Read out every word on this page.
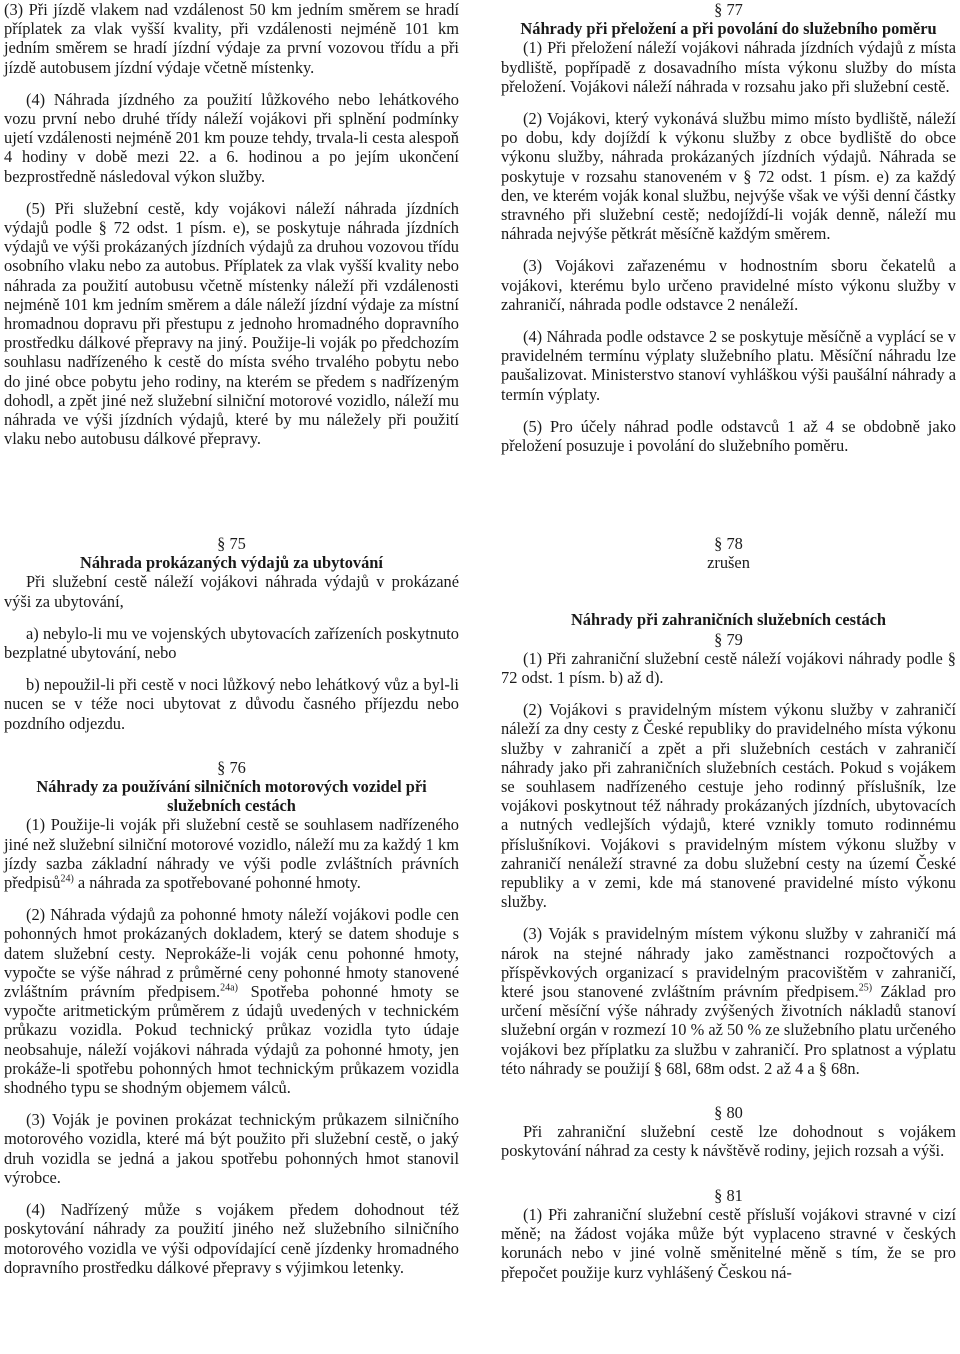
(3) Při jízdě vlakem nad vzdálenost 50 km jedním směrem se hradí příplatek za vlak vyšší kvality, při vzdálenosti nejméně 101 km jedním směrem se hradí jízdní výdaje za první vozovou třídu a při jízdě autobusem jízdní výdaje včetně místenky.

(4) Náhrada jízdného za použití lůžkového nebo lehátkového vozu první nebo druhé třídy náleží vojákovi při splnění podmínky ujetí vzdálenosti nejméně 201 km pouze tehdy, trvala-li cesta alespoň 4 hodiny v době mezi 22. a 6. hodinou a po jejím ukončení bezprostředně následoval výkon služby.

(5) Při služební cestě, kdy vojákovi náleží náhrada jízdních výdajů podle § 72 odst. 1 písm. e), se poskytuje náhrada jízdních výdajů ve výši prokázaných jízdních výdajů za druhou vozovou třídu osobního vlaku nebo za autobus. Příplatek za vlak vyšší kvality nebo náhrada za použití autobusu včetně místenky náleží při vzdálenosti nejméně 101 km jedním směrem a dále náleží jízdní výdaje za místní hromadnou dopravu při přestupu z jednoho hromadného dopravního prostředku dálkové přepravy na jiný. Použije-li voják po předchozím souhlasu nadřízeného k cestě do místa svého trvalého pobytu nebo do jiné obce pobytu jeho rodiny, na kterém se předem s nadřízeným dohodl, a zpět jiné než služební silniční motorové vozidlo, náleží mu náhrada ve výši jízdních výdajů, které by mu náležely při použití vlaku nebo autobusu dálkové přepravy.

§ 75

Náhrada prokázaných výdajů za ubytování

Při služební cestě náleží vojákovi náhrada výdajů v prokázané výši za ubytování,

a) nebylo-li mu ve vojenských ubytovacích zařízeních poskytnuto bezplatné ubytování, nebo

b) nepoužil-li při cestě v noci lůžkový nebo lehátkový vůz a byl-li nucen se v téže noci ubytovat z důvodu časného příjezdu nebo pozdního odjezdu.

§ 76

Náhrady za používání silničních motorových vozidel při služebních cestách

(1) Použije-li voják při služební cestě se souhlasem nadřízeného jiné než služební silniční motorové vozidlo, náleží mu za každý 1 km jízdy sazba základní náhrady ve výši podle zvláštních právních předpisů$^{24)}$ a náhrada za spotřebované pohonné hmoty.

(2) Náhrada výdajů za pohonné hmoty náleží vojákovi podle cen pohonných hmot prokázaných dokladem, který se datem shoduje s datem služební cesty. Neprokáže-li voják cenu pohonné hmoty, vypočte se výše náhrad z průměrné ceny pohonné hmoty stanovené zvláštním právním předpisem.$^{24a)}$ Spotřeba pohonné hmoty se vypočte aritmetickým průměrem z údajů uvedených v technickém průkazu vozidla. Pokud technický průkaz vozidla tyto údaje neobsahuje, náleží vojákovi náhrada výdajů za pohonné hmoty, jen prokáže-li spotřebu pohonných hmot technickým průkazem vozidla shodného typu se shodným objemem válců.

(3) Voják je povinen prokázat technickým průkazem silničního motorového vozidla, které má být použito při služební cestě, o jaký druh vozidla se jedná a jakou spotřebu pohonných hmot stanovil výrobce.

(4) Nadřízený může s vojákem předem dohodnout též poskytování náhrady za použití jiného než služebního silničního motorového vozidla ve výši odpovídající ceně jízdenky hromadného dopravního prostředku dálkové přepravy s výjimkou letenky.

§ 77

Náhrady při přeložení a při povolání do služebního poměru

(1) Při přeložení náleží vojákovi náhrada jízdních výdajů z místa bydliště, popřípadě z dosavadního místa výkonu služby do místa přeložení. Vojákovi náleží náhrada v rozsahu jako při služební cestě.

(2) Vojákovi, který vykonává službu mimo místo bydliště, náleží po dobu, kdy dojíždí k výkonu služby z obce bydliště do obce výkonu služby, náhrada prokázaných jízdních výdajů. Náhrada se poskytuje v rozsahu stanoveném v § 72 odst. 1 písm. e) za každý den, ve kterém voják konal službu, nejvýše však ve výši denní částky stravného při služební cestě; nedojíždí-li voják denně, náleží mu náhrada nejvýše pětkrát měsíčně každým směrem.

(3) Vojákovi zařazenému v hodnostním sboru čekatelů a vojákovi, kterému bylo určeno pravidelné místo výkonu služby v zahraničí, náhrada podle odstavce 2 nenáleží.

(4) Náhrada podle odstavce 2 se poskytuje měsíčně a vyplácí se v pravidelném termínu výplaty služebního platu. Měsíční náhradu lze paušalizovat. Ministerstvo stanoví vyhláškou výši paušální náhrady a termín výplaty.

(5) Pro účely náhrad podle odstavců 1 až 4 se obdobně jako přeložení posuzuje i povolání do služebního poměru.

§ 78

zrušen

Náhrady při zahraničních služebních cestách

§ 79

(1) Při zahraniční služební cestě náleží vojákovi náhrady podle § 72 odst. 1 písm. b) až d).

(2) Vojákovi s pravidelným místem výkonu služby v zahraničí náleží za dny cesty z České republiky do pravidelného místa výkonu služby v zahraničí a zpět a při služebních cestách v zahraničí náhrady jako při zahraničních služebních cestách. Pokud s vojákem se souhlasem nadřízeného cestuje jeho rodinný příslušník, lze vojákovi poskytnout též náhrady prokázaných jízdních, ubytovacích a nutných vedlejších výdajů, které vznikly tomuto rodinnému příslušníkovi. Vojákovi s pravidelným místem výkonu služby v zahraničí nenáleží stravné za dobu služební cesty na území České republiky a v zemi, kde má stanovené pravidelné místo výkonu služby.

(3) Voják s pravidelným místem výkonu služby v zahraničí má nárok na stejné náhrady jako zaměstnanci rozpočtových a příspěvkových organizací s pravidelným pracovištěm v zahraničí, které jsou stanovené zvláštním právním předpisem.$^{25)}$ Základ pro určení měsíční výše náhrady zvýšených životních nákladů stanoví služební orgán v rozmezí 10 % až 50 % ze služebního platu určeného vojákovi bez příplatku za službu v zahraničí. Pro splatnost a výplatu této náhrady se použijí § 68l, 68m odst. 2 až 4 a § 68n.

§ 80

Při zahraniční služební cestě lze dohodnout s vojákem poskytování náhrad za cesty k návštěvě rodiny, jejich rozsah a výši.

§ 81

(1) Při zahraniční služební cestě přísluší vojákovi stravné v cizí měně; na žádost vojáka může být vyplaceno stravné v českých korunách nebo v jiné volně směnitelné měně s tím, že se pro přepočet použije kurz vyhlášený Českou ná-
